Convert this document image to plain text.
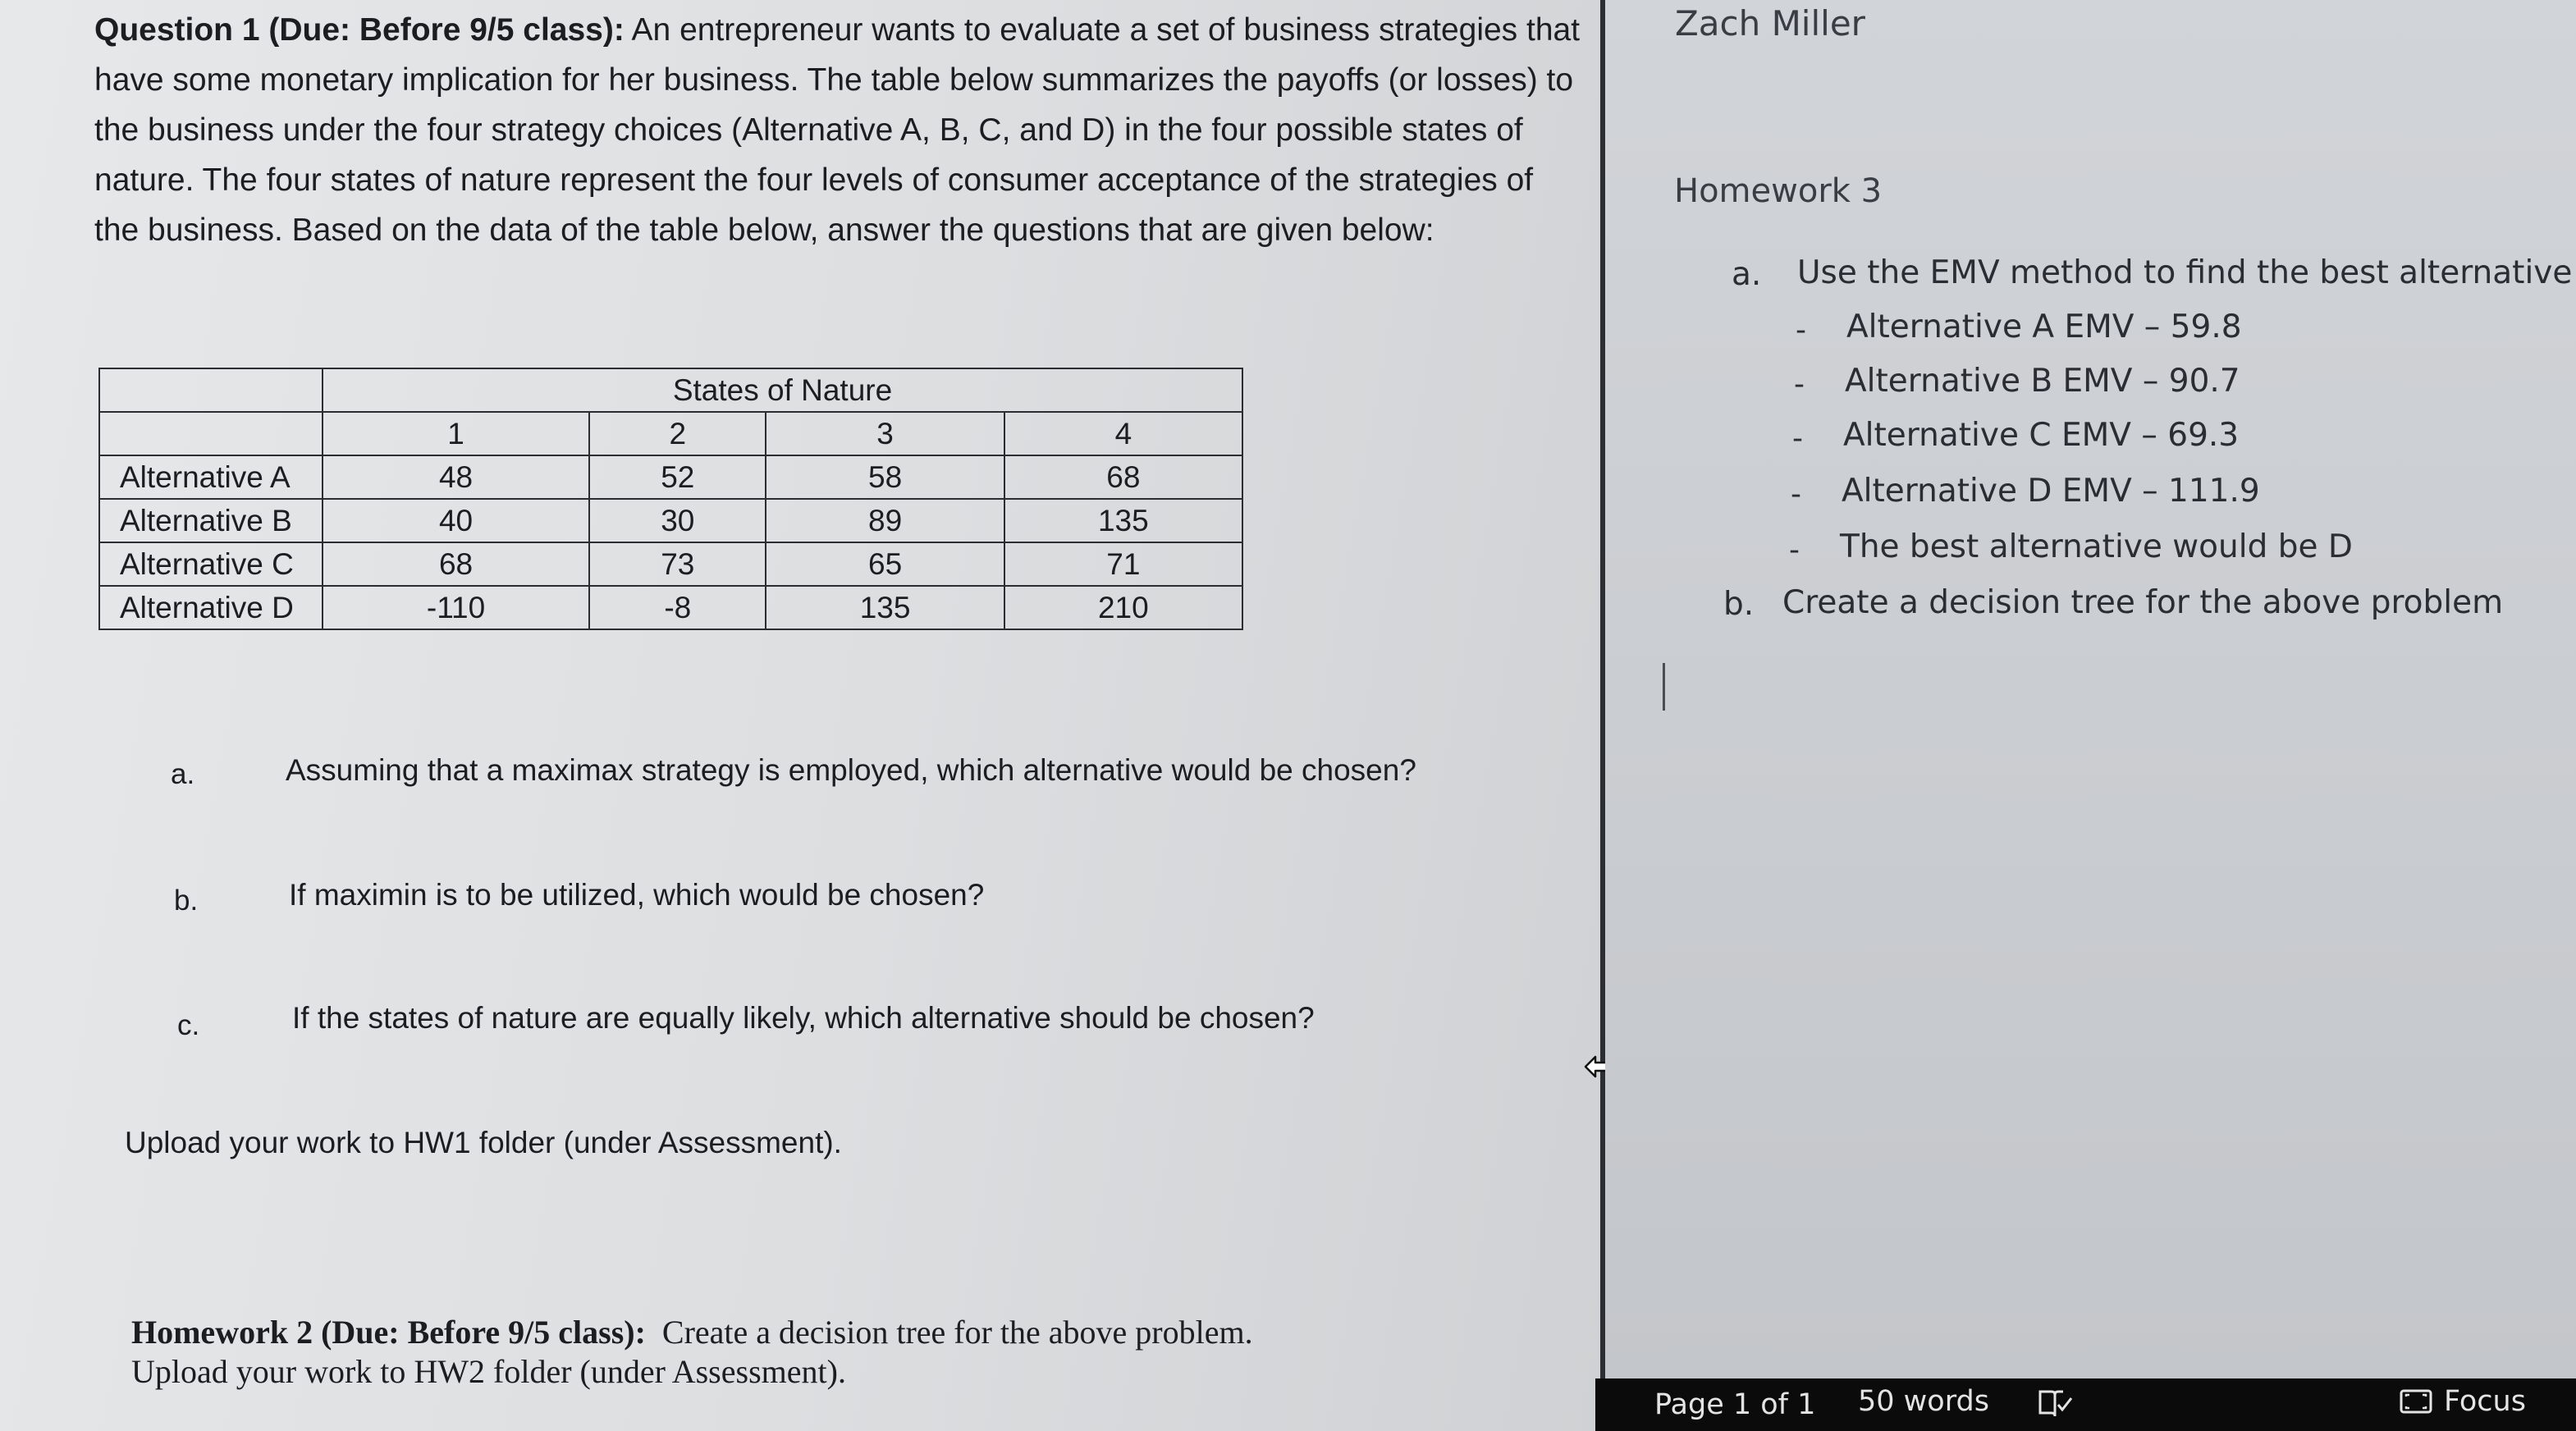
Question 1 (Due: Before 9/5 class): An entrepreneur wants to evaluate a set of business strategies that
have some monetary implication for her business. The table below summarizes the payoffs (or losses) to
the business under the four strategy choices (Alternative A, B, C, and D) in the four possible states of
nature. The four states of nature represent the four levels of consumer acceptance of the strategies of
the business. Based on the data of the table below, answer the questions that are given below:
	States of Nature			
	1	2	3	4
Alternative A	48	52	58	68
Alternative B	40	30	89	135
Alternative C	68	73	65	71
Alternative D	-110	-8	135	210
a.	Assuming that a maximax strategy is employed, which alternative would be chosen?
b.	If maximin is to be utilized, which would be chosen?
c.	If the states of nature are equally likely, which alternative should be chosen?
Upload your work to HW1 folder (under Assessment).
Homework 2 (Due: Before 9/5 class): Create a decision tree for the above problem.
Upload your work to HW2 folder (under Assessment).
Zach Miller
Homework 3
a. Use the EMV method to find the best alternative
- Alternative A EMV – 59.8
- Alternative B EMV – 90.7
- Alternative C EMV – 69.3
- Alternative D EMV – 111.9
- The best alternative would be D
b. Create a decision tree for the above problem
Page 1 of 1 50 words	Focus
